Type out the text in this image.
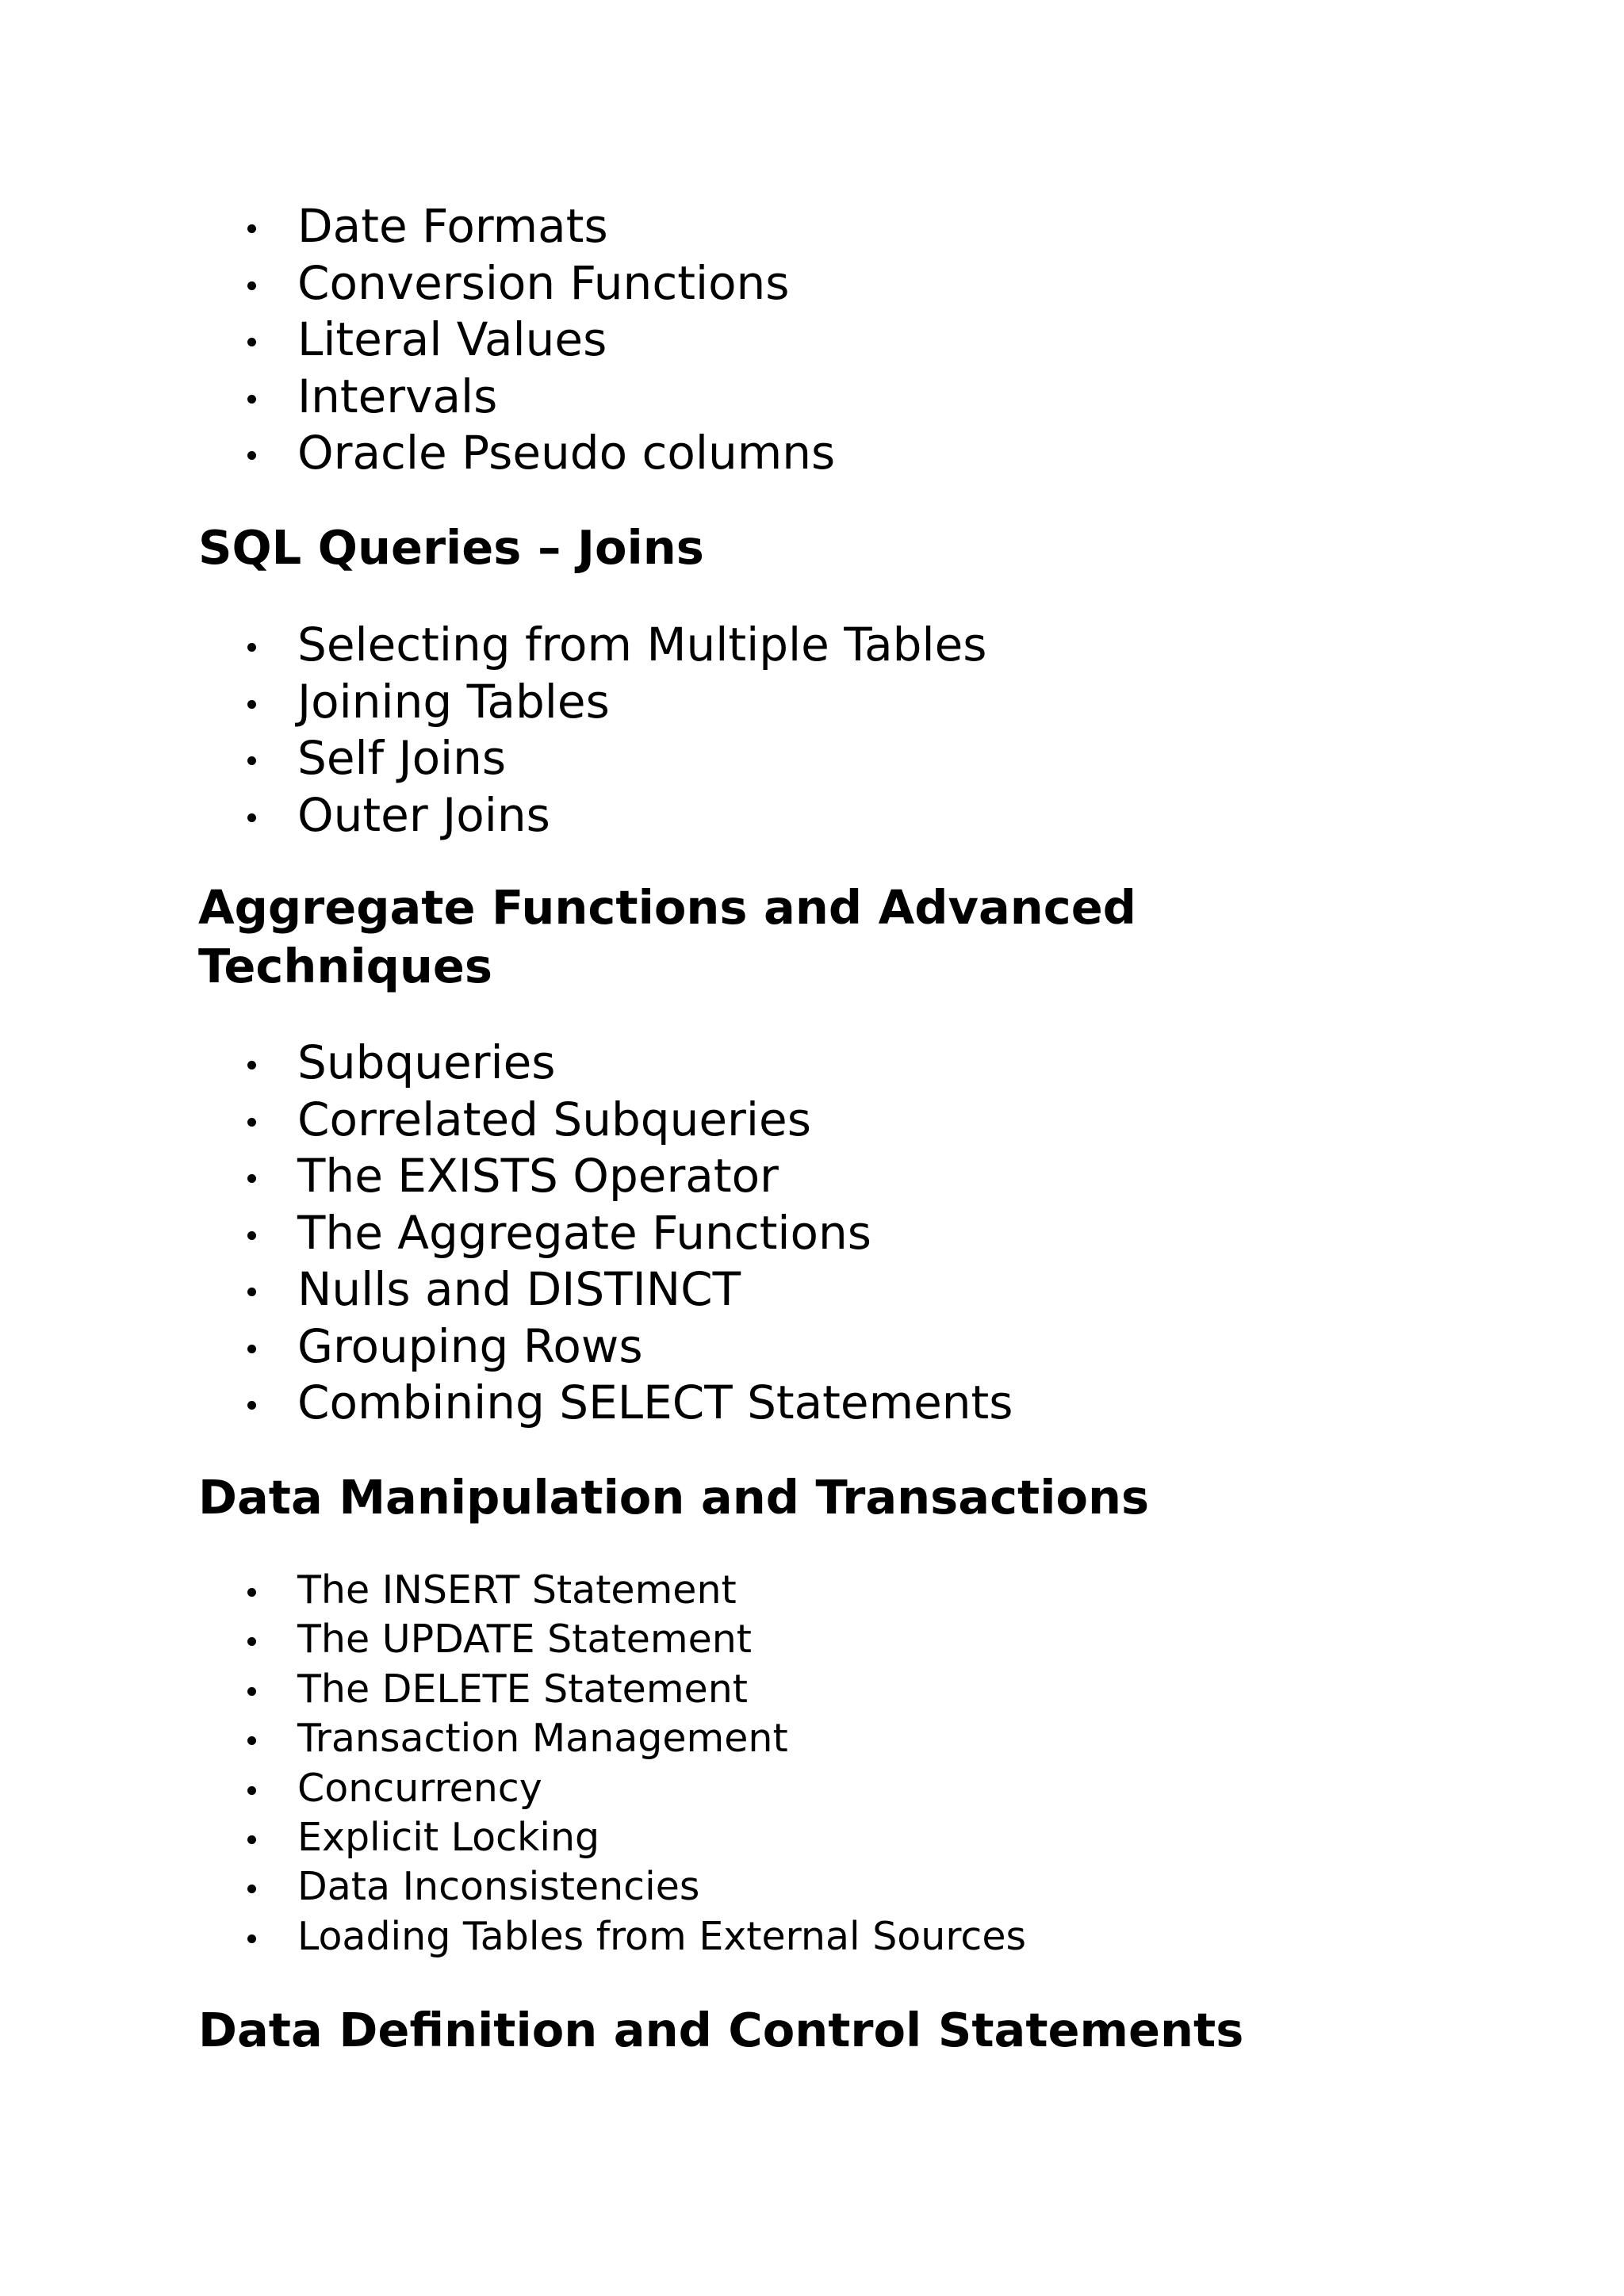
Date Formats
Conversion Functions
Literal Values
Intervals
Oracle Pseudo columns
SQL Queries – Joins
Selecting from Multiple Tables
Joining Tables
Self Joins
Outer Joins
Aggregate Functions and Advanced
Techniques
Subqueries
Correlated Subqueries
The EXISTS Operator
The Aggregate Functions
Nulls and DISTINCT
Grouping Rows
Combining SELECT Statements
Data Manipulation and Transactions
The INSERT Statement
The UPDATE Statement
The DELETE Statement
Transaction Management
Concurrency
Explicit Locking
Data Inconsistencies
Loading Tables from External Sources
Data Definition and Control Statements
